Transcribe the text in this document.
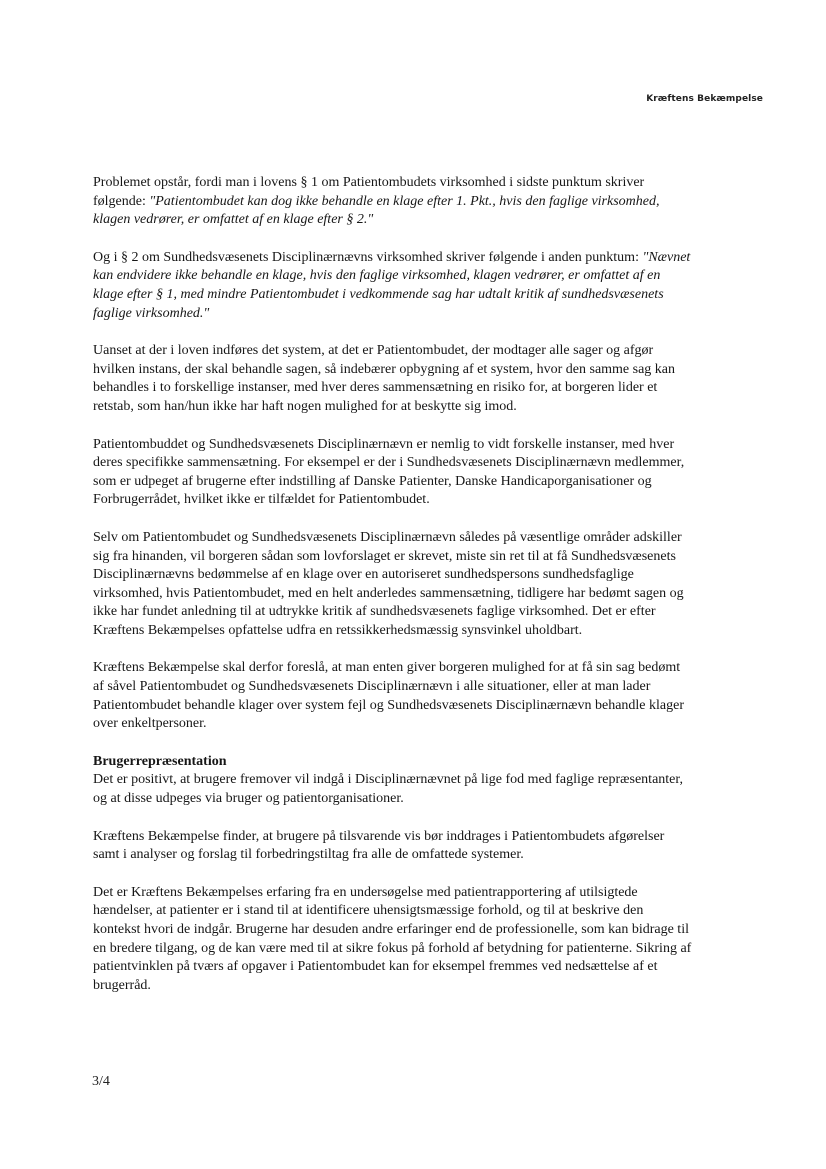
Kræftens Bekæmpelse

Problemet opstår, fordi man i lovens § 1 om Patientombudets virksomhed i sidste punktum skriver følgende: "Patientombudet kan dog ikke behandle en klage efter 1. Pkt., hvis den faglige virksomhed, klagen vedrører, er omfattet af en klage efter § 2."

Og i § 2 om Sundhedsvæsenets Disciplinærnævns virksomhed skriver følgende i anden punktum: "Nævnet kan endvidere ikke behandle en klage, hvis den faglige virksomhed, klagen vedrører, er omfattet af en klage efter § 1, med mindre Patientombudet i vedkommende sag har udtalt kritik af sundhedsvæsenets faglige virksomhed."

Uanset at der i loven indføres det system, at det er Patientombudet, der modtager alle sager og afgør hvilken instans, der skal behandle sagen, så indebærer opbygning af et system, hvor den samme sag kan behandles i to forskellige instanser, med hver deres sammensætning en risiko for, at borgeren lider et retstab, som han/hun ikke har haft nogen mulighed for at beskytte sig imod.

Patientombuddet og Sundhedsvæsenets Disciplinærnævn er nemlig to vidt forskelle instanser, med hver deres specifikke sammensætning. For eksempel er der i Sundhedsvæsenets Disciplinærnævn medlemmer, som er udpeget af brugerne efter indstilling af Danske Patienter, Danske Handicaporganisationer og Forbrugerrådet, hvilket ikke er tilfældet for Patientombudet.

Selv om Patientombudet og Sundhedsvæsenets Disciplinærnævn således på væsentlige områder adskiller sig fra hinanden, vil borgeren sådan som lovforslaget er skrevet, miste sin ret til at få Sundhedsvæsenets Disciplinærnævns bedømmelse af en klage over en autoriseret sundhedspersons sundhedsfaglige virksomhed, hvis Patientombudet, med en helt anderledes sammensætning, tidligere har bedømt sagen og ikke har fundet anledning til at udtrykke kritik af sundhedsvæsenets faglige virksomhed. Det er efter Kræftens Bekæmpelses opfattelse udfra en retssikkerhedsmæssig synsvinkel uholdbart.

Kræftens Bekæmpelse skal derfor foreslå, at man enten giver borgeren mulighed for at få sin sag bedømt af såvel Patientombudet og Sundhedsvæsenets Disciplinærnævn i alle situationer, eller at man lader Patientombudet behandle klager over system fejl og Sundhedsvæsenets Disciplinærnævn behandle klager over enkeltpersoner.

Brugerrepræsentation
Det er positivt, at brugere fremover vil indgå i Disciplinærnævnet på lige fod med faglige repræsentanter, og at disse udpeges via bruger og patientorganisationer.

Kræftens Bekæmpelse finder, at brugere på tilsvarende vis bør inddrages i Patientombudets afgørelser samt i analyser og forslag til forbedringstiltag fra alle de omfattede systemer.

Det er Kræftens Bekæmpelses erfaring fra en undersøgelse med patientrapportering af utilsigtede hændelser, at patienter er i stand til at identificere uhensigtsmæssige forhold, og til at beskrive den kontekst hvori de indgår. Brugerne har desuden andre erfaringer end de professionelle, som kan bidrage til en bredere tilgang, og de kan være med til at sikre fokus på forhold af betydning for patienterne. Sikring af patientvinklen på tværs af opgaver i Patientombudet kan for eksempel fremmes ved nedsættelse af et brugerråd.

3/4
